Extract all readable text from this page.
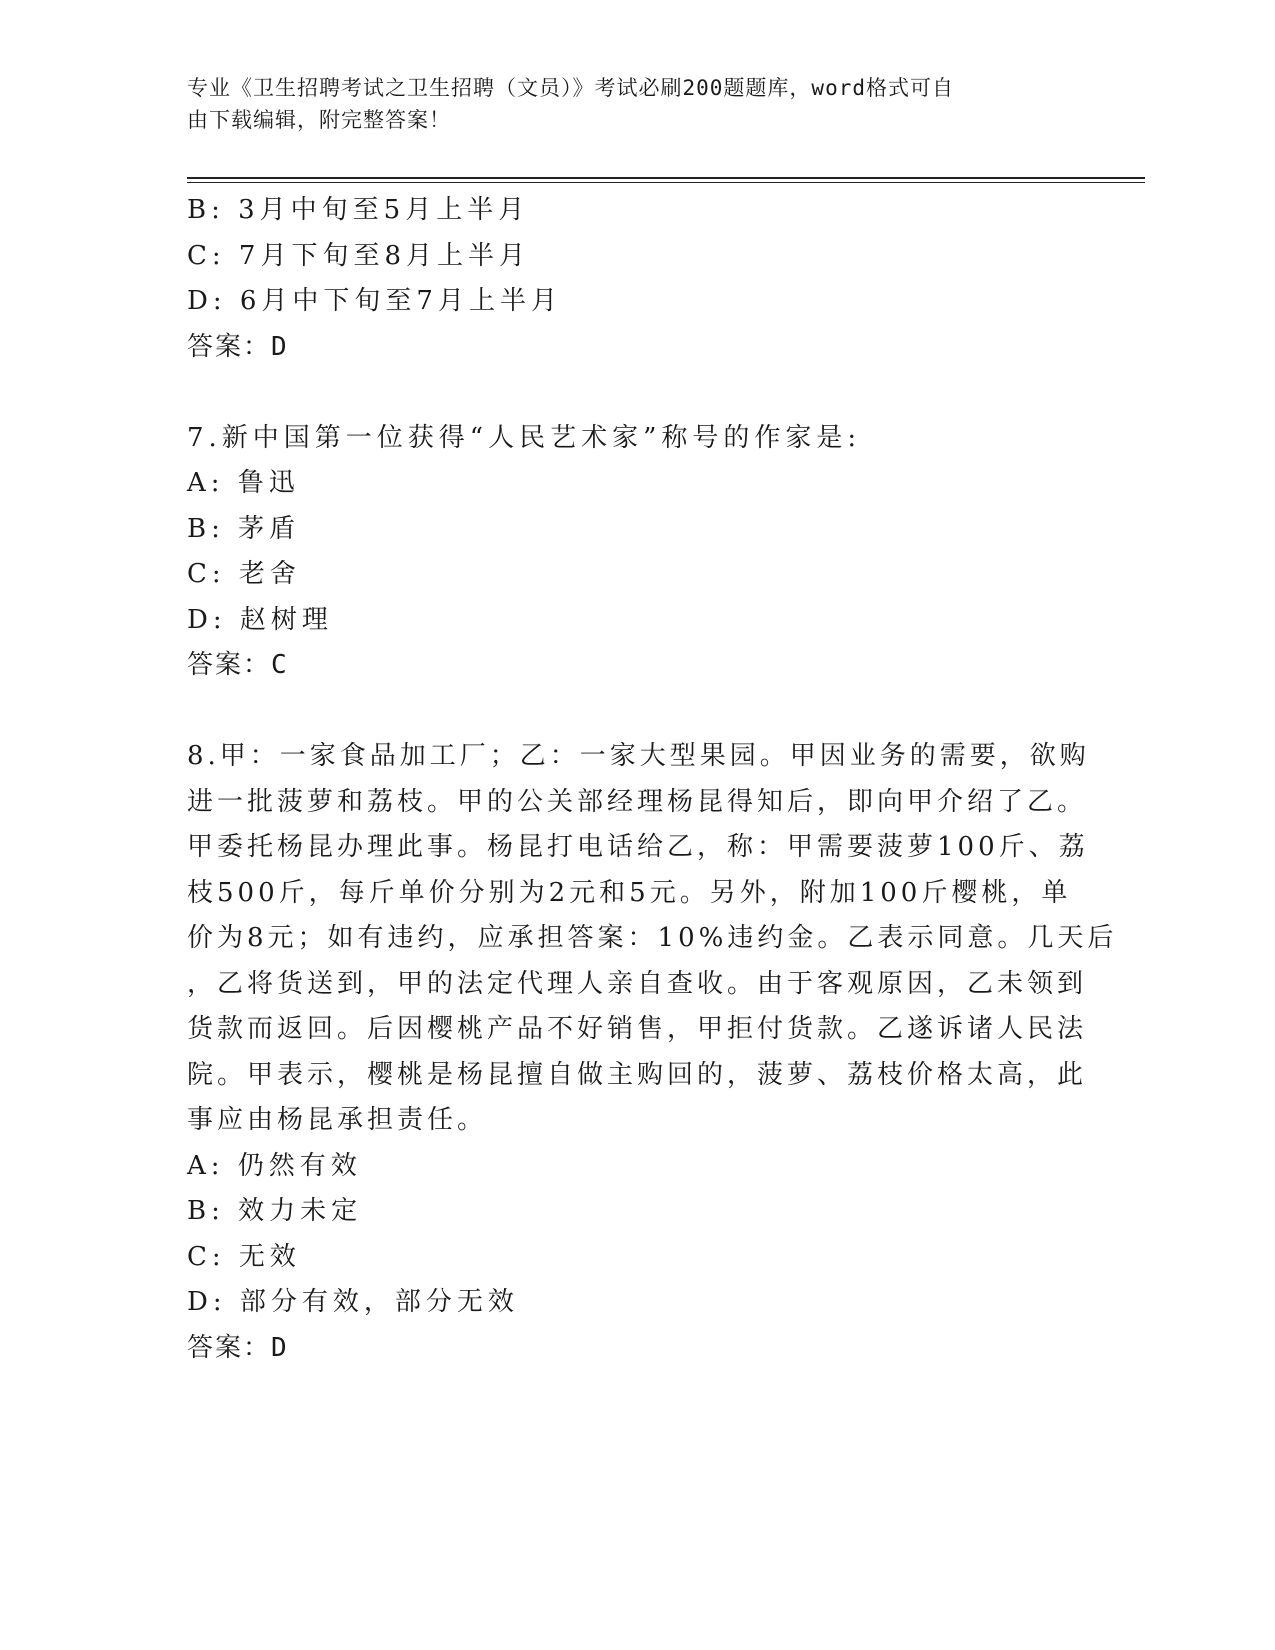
专业《卫生招聘考试之卫生招聘（文员）》考试必刷200题题库，word格式可自
由下载编辑，附完整答案！
B: 3月中旬至5月上半月
C: 7月下旬至8月上半月
D: 6月中下旬至7月上半月
答案：D
7.新中国第一位获得“人民艺术家”称号的作家是:
A: 鲁迅
B: 茅盾
C: 老舍
D: 赵树理
答案：C
8.甲：一家食品加工厂；乙：一家大型果园。甲因业务的需要，欲购
进一批菠萝和荔枝。甲的公关部经理杨昆得知后，即向甲介绍了乙。
甲委托杨昆办理此事。杨昆打电话给乙，称：甲需要菠萝100斤、荔
枝500斤，每斤单价分别为2元和5元。另外，附加100斤樱桃，单
价为8元；如有违约，应承担答案：10%违约金。乙表示同意。几天后
，乙将货送到，甲的法定代理人亲自查收。由于客观原因，乙未领到
货款而返回。后因樱桃产品不好销售，甲拒付货款。乙遂诉诸人民法
院。甲表示，樱桃是杨昆擅自做主购回的，菠萝、荔枝价格太高，此
事应由杨昆承担责任。
A: 仍然有效
B: 效力未定
C: 无效
D: 部分有效，部分无效
答案：D
